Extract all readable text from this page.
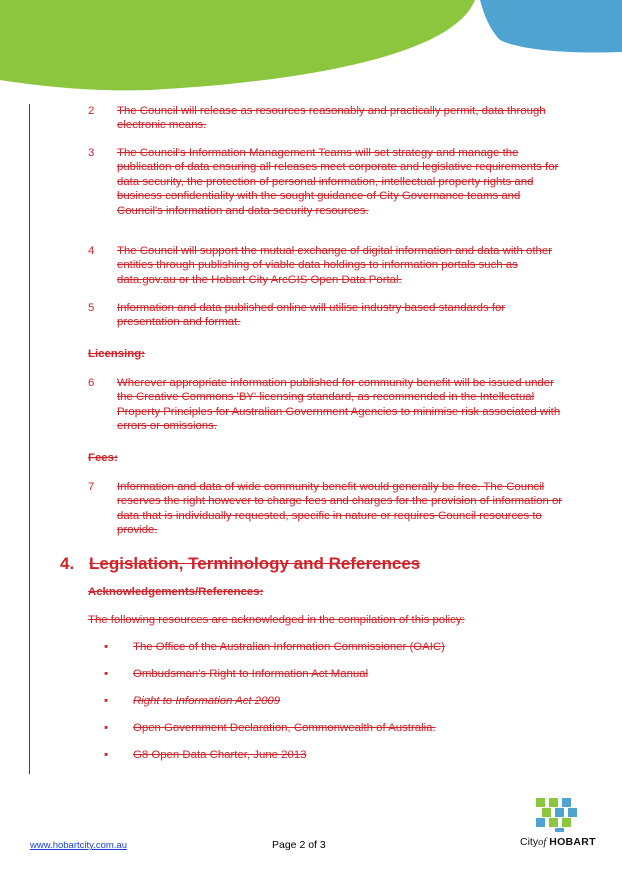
2 The Council will release as resources reasonably and practically permit, data through electronic means.
3 The Council's Information Management Teams will set strategy and manage the publication of data ensuring all releases meet corporate and legislative requirements for data security, the protection of personal information, intellectual property rights and business confidentiality with the sought guidance of City Governance teams and Council's information and data security resources.
4 The Council will support the mutual exchange of digital information and data with other entities through publishing of viable data holdings to information portals such as data.gov.au or the Hobart City ArcGIS Open Data Portal.
5 Information and data published online will utilise industry based standards for presentation and format.
Licensing:
6 Wherever appropriate information published for community benefit will be issued under the Creative Commons 'BY' licensing standard, as recommended in the Intellectual Property Principles for Australian Government Agencies to minimise risk associated with errors or omissions.
Fees:
7 Information and data of wide community benefit would generally be free. The Council reserves the right however to charge fees and charges for the provision of information or data that is individually requested, specific in nature or requires Council resources to provide.
4. Legislation, Terminology and References
Acknowledgements/References:
The following resources are acknowledged in the compilation of this policy:
▪ The Office of the Australian Information Commissioner (OAIC)
▪ Ombudsman's Right to Information Act Manual
▪ Right to Information Act 2009
▪ Open Government Declaration, Commonwealth of Australia.
▪ G8 Open Data Charter, June 2013
www.hobartcity.com.au	Page 2 of 3	Cityof HOBART
